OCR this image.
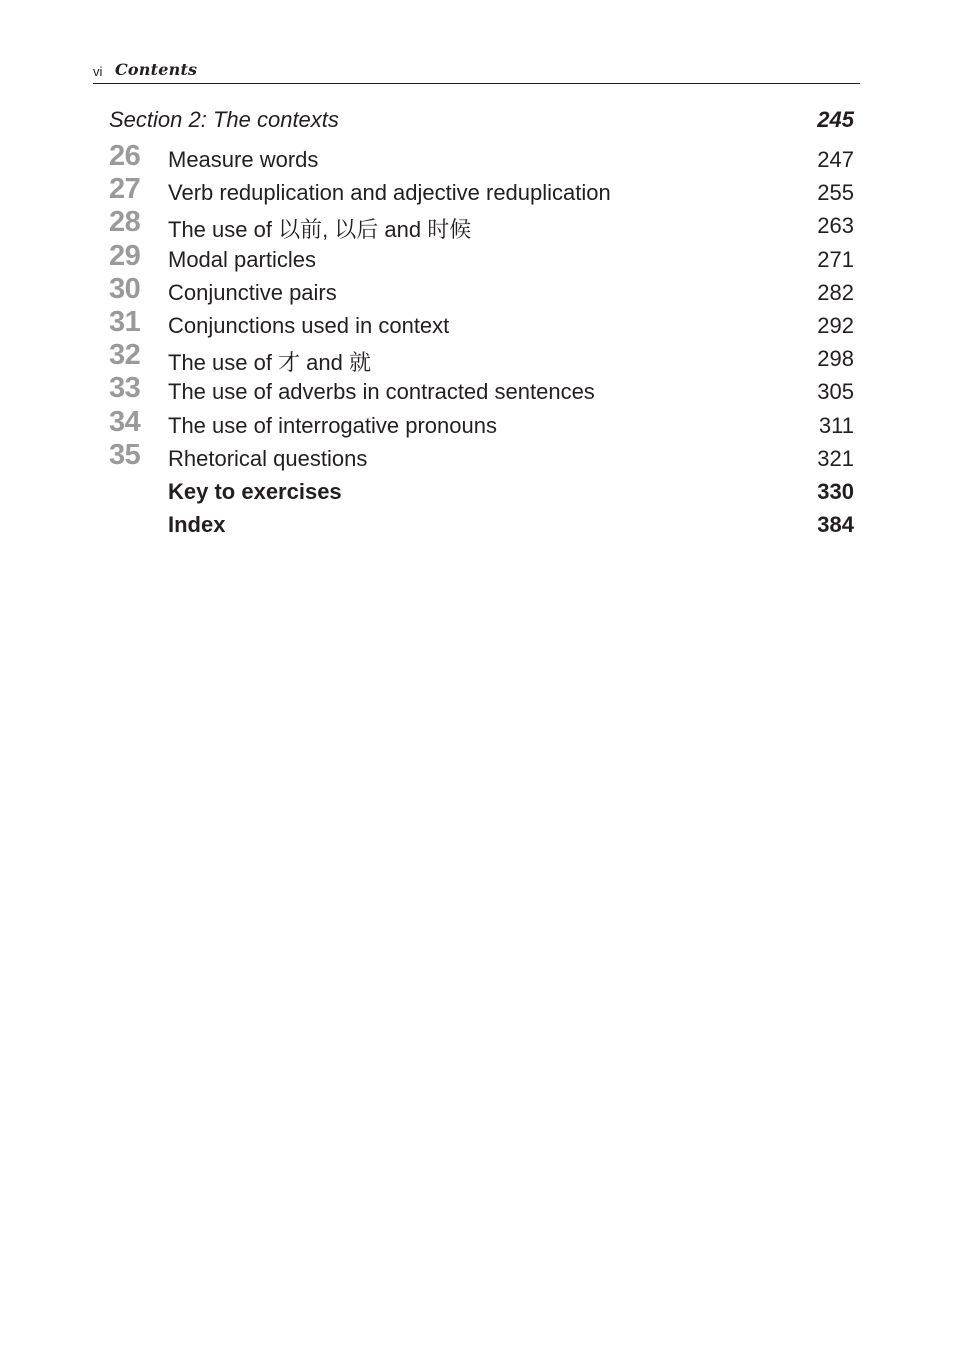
vi Contents
Section 2: The contexts	245
26 Measure words	247
27 Verb reduplication and adjective reduplication	255
28 The use of 以前, 以后 and 时候	263
29 Modal particles	271
30 Conjunctive pairs	282
31 Conjunctions used in context	292
32 The use of 才 and 就	298
33 The use of adverbs in contracted sentences	305
34 The use of interrogative pronouns	311
35 Rhetorical questions	321
Key to exercises	330
Index	384
